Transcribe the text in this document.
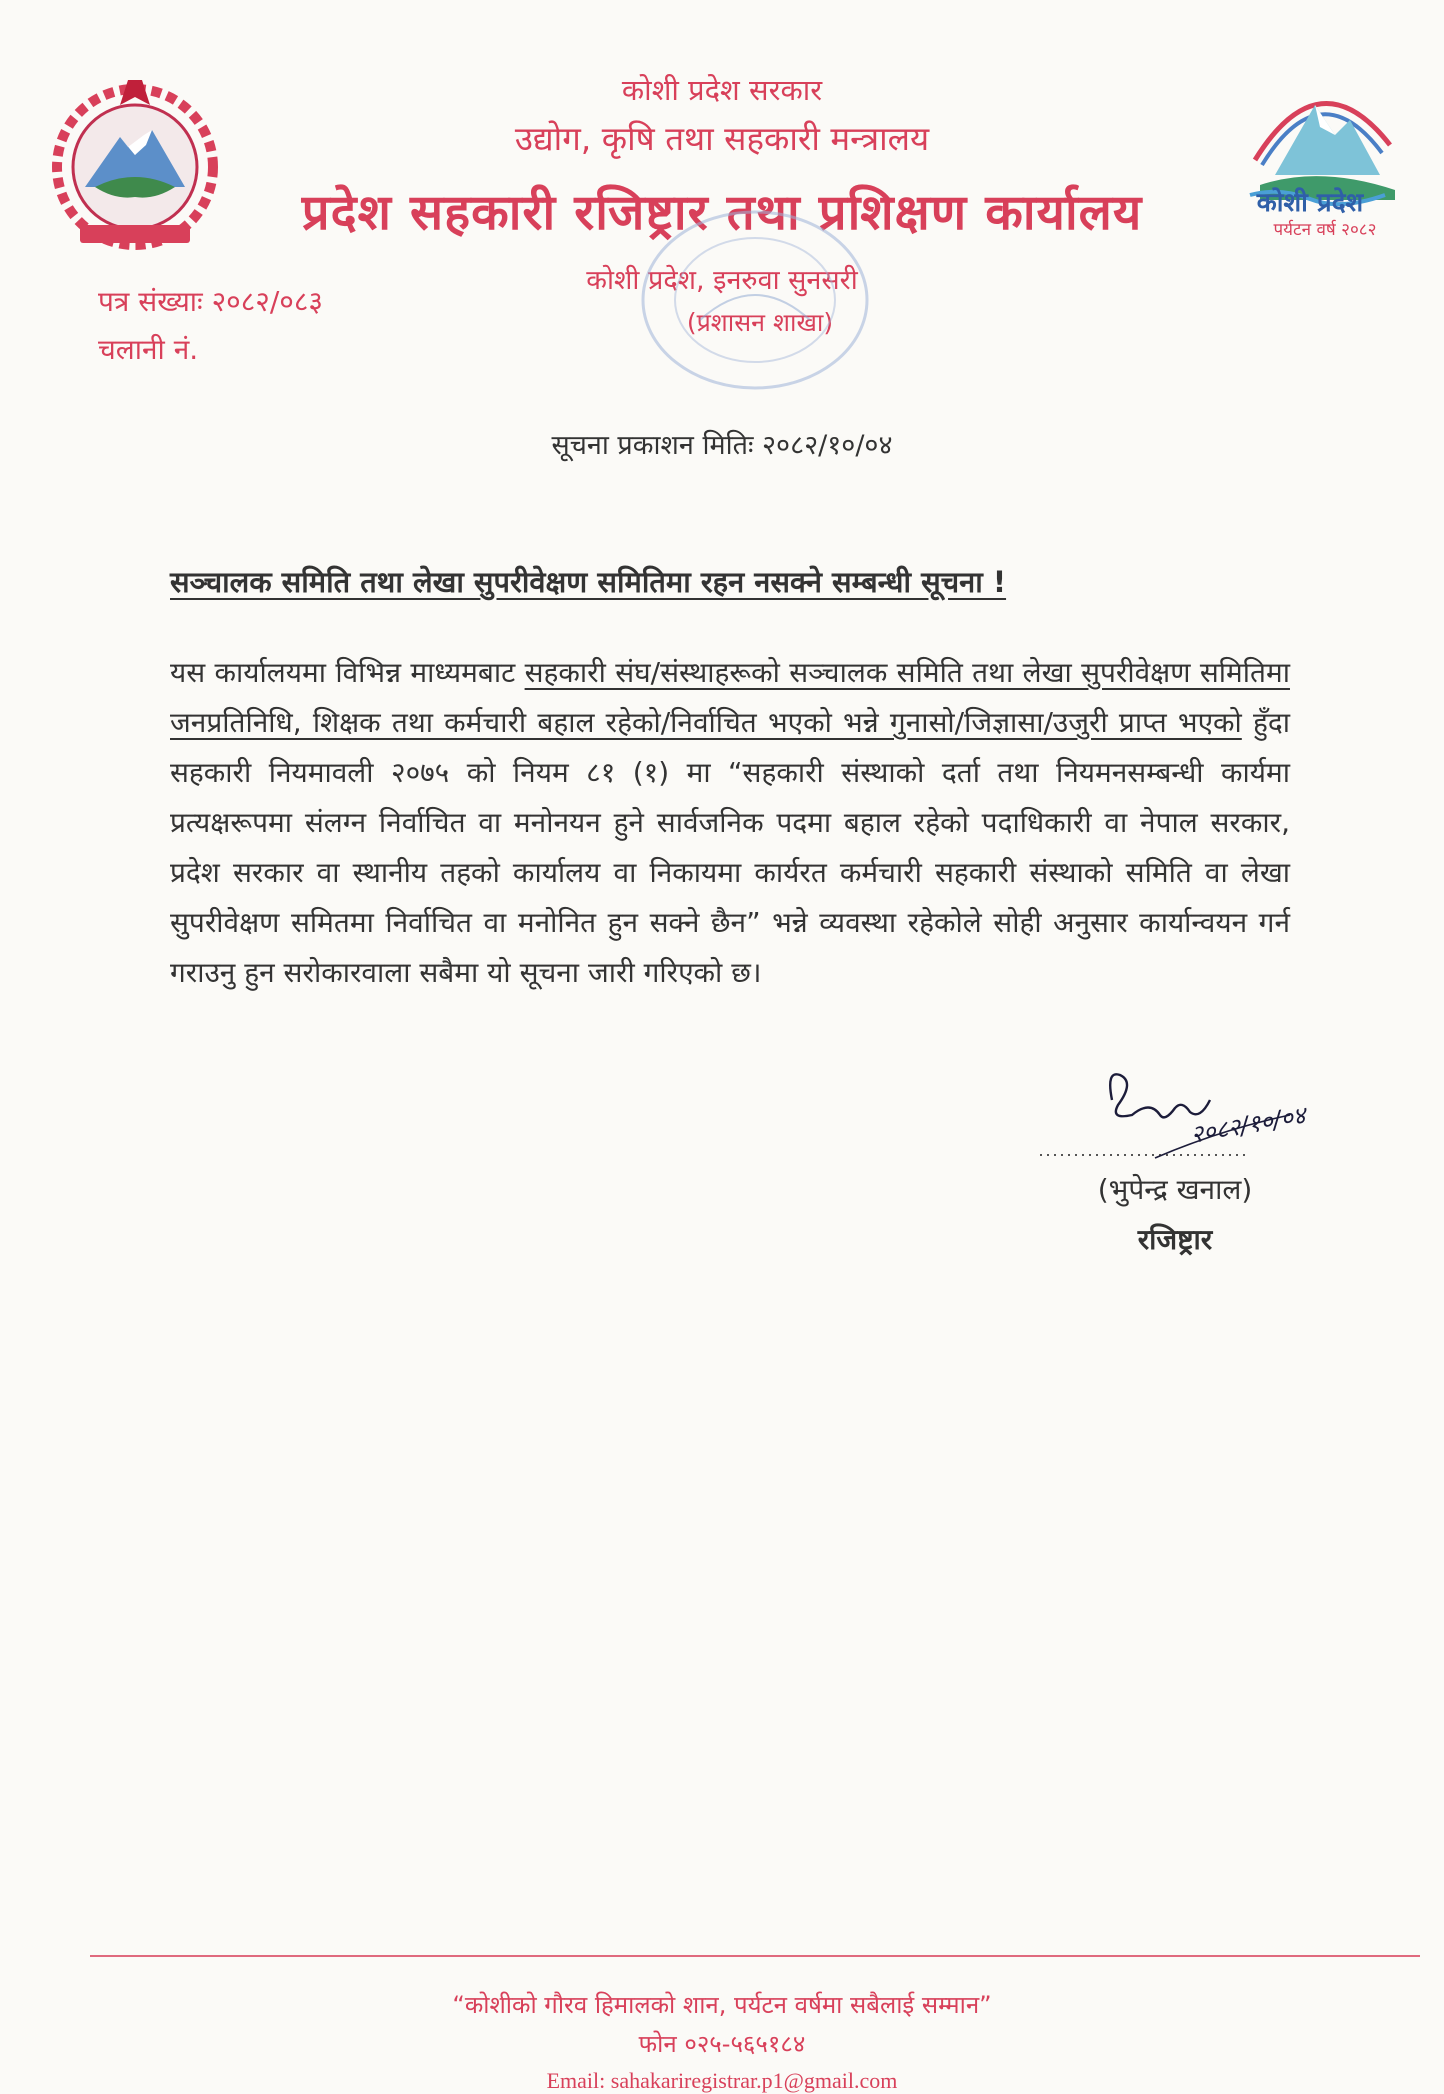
कोशी प्रदेश सरकार
उद्योग, कृषि तथा सहकारी मन्त्रालय
प्रदेश सहकारी रजिष्ट्रार तथा प्रशिक्षण कार्यालय
कोशी प्रदेश, इनरुवा सुनसरी
(प्रशासन शाखा)
कोशी प्रदेश
पर्यटन वर्ष २०८२
पत्र संख्याः २०८२/०८३
चलानी नं.
सूचना प्रकाशन मितिः २०८२/१०/०४
सञ्चालक समिति तथा लेखा सुपरीवेक्षण समितिमा रहन नसक्ने सम्बन्धी सूचना !
यस कार्यालयमा विभिन्न माध्यमबाट सहकारी संघ/संस्थाहरूको सञ्चालक समिति तथा लेखा सुपरीवेक्षण समितिमा जनप्रतिनिधि, शिक्षक तथा कर्मचारी बहाल रहेको/निर्वाचित भएको भन्ने गुनासो/जिज्ञासा/उजुरी प्राप्त भएको हुँदा सहकारी नियमावली २०७५ को नियम ८१ (१) मा “सहकारी संस्थाको दर्ता तथा नियमनसम्बन्धी कार्यमा प्रत्यक्षरूपमा संलग्न निर्वाचित वा मनोनयन हुने सार्वजनिक पदमा बहाल रहेको पदाधिकारी वा नेपाल सरकार, प्रदेश सरकार वा स्थानीय तहको कार्यालय वा निकायमा कार्यरत कर्मचारी सहकारी संस्थाको समिति वा लेखा सुपरीवेक्षण समितमा निर्वाचित वा मनोनित हुन सक्ने छैन” भन्ने व्यवस्था रहेकोले सोही अनुसार कार्यान्वयन गर्न गराउनु हुन सरोकारवाला सबैमा यो सूचना जारी गरिएको छ।
२०८२/१०/०४
(भुपेन्द्र खनाल)
रजिष्ट्रार
“कोशीको गौरव हिमालको शान, पर्यटन वर्षमा सबैलाई सम्मान”
फोन ०२५-५६५१८४
Email: sahakariregistrar.p1@gmail.com
